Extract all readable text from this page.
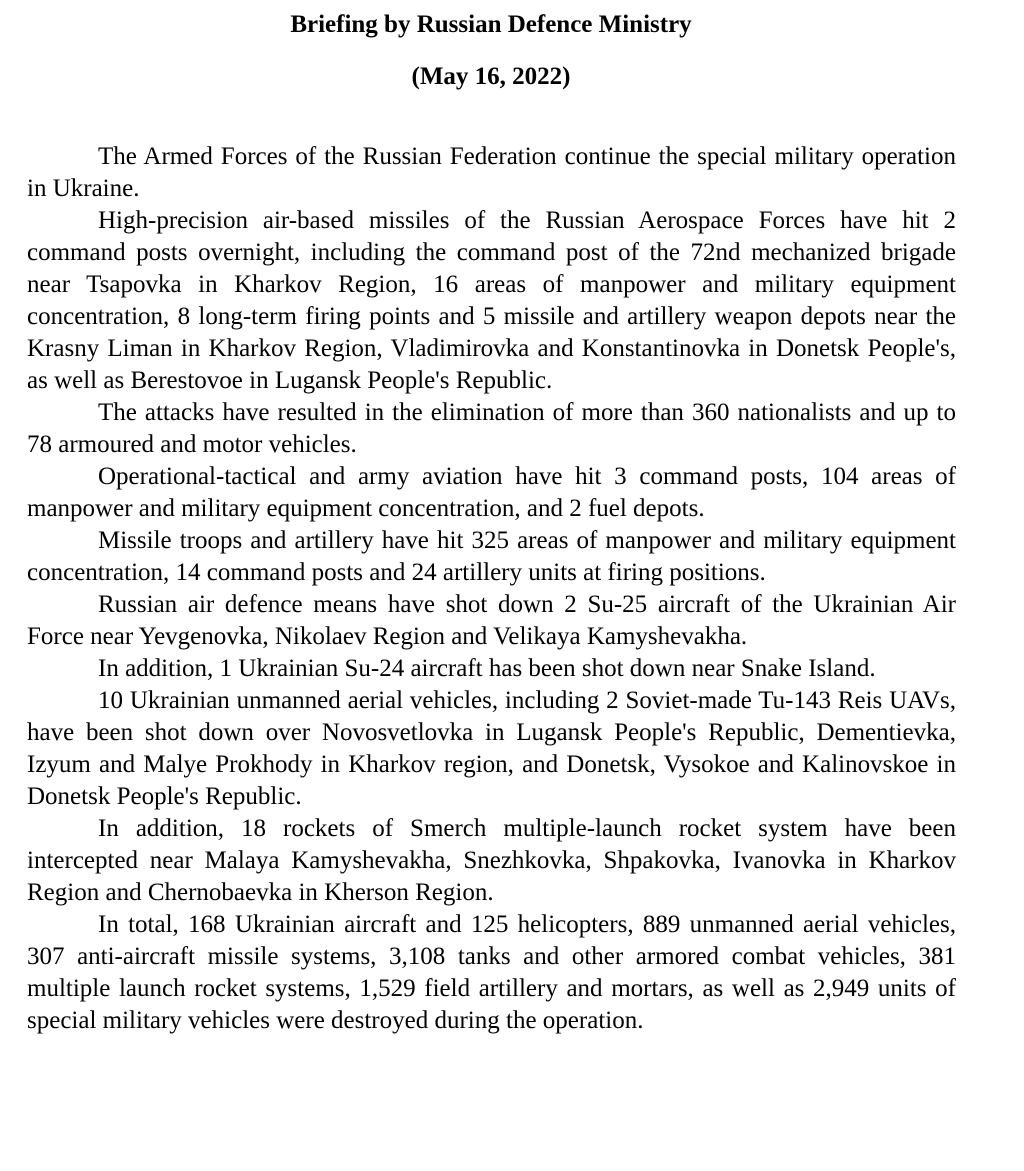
Briefing by Russian Defence Ministry
(May 16, 2022)

The Armed Forces of the Russian Federation continue the special military operation in Ukraine.

High-precision air-based missiles of the Russian Aerospace Forces have hit 2 command posts overnight, including the command post of the 72nd mechanized brigade near Tsapovka in Kharkov Region, 16 areas of manpower and military equipment concentration, 8 long-term firing points and 5 missile and artillery weapon depots near the Krasny Liman in Kharkov Region, Vladimirovka and Konstantinovka in Donetsk People's, as well as Berestovoe in Lugansk People's Republic.

The attacks have resulted in the elimination of more than 360 nationalists and up to 78 armoured and motor vehicles.

Operational-tactical and army aviation have hit 3 command posts, 104 areas of manpower and military equipment concentration, and 2 fuel depots.

Missile troops and artillery have hit 325 areas of manpower and military equipment concentration, 14 command posts and 24 artillery units at firing positions.

Russian air defence means have shot down 2 Su-25 aircraft of the Ukrainian Air Force near Yevgenovka, Nikolaev Region and Velikaya Kamyshevakha.

In addition, 1 Ukrainian Su-24 aircraft has been shot down near Snake Island.

10 Ukrainian unmanned aerial vehicles, including 2 Soviet-made Tu-143 Reis UAVs, have been shot down over Novosvetlovka in Lugansk People's Republic, Dementievka, Izyum and Malye Prokhody in Kharkov region, and Donetsk, Vysokoe and Kalinovskoe in Donetsk People's Republic.

In addition, 18 rockets of Smerch multiple-launch rocket system have been intercepted near Malaya Kamyshevakha, Snezhkovka, Shpakovka, Ivanovka in Kharkov Region and Chernobaevka in Kherson Region.

In total, 168 Ukrainian aircraft and 125 helicopters, 889 unmanned aerial vehicles, 307 anti-aircraft missile systems, 3,108 tanks and other armored combat vehicles, 381 multiple launch rocket systems, 1,529 field artillery and mortars, as well as 2,949 units of special military vehicles were destroyed during the operation.
